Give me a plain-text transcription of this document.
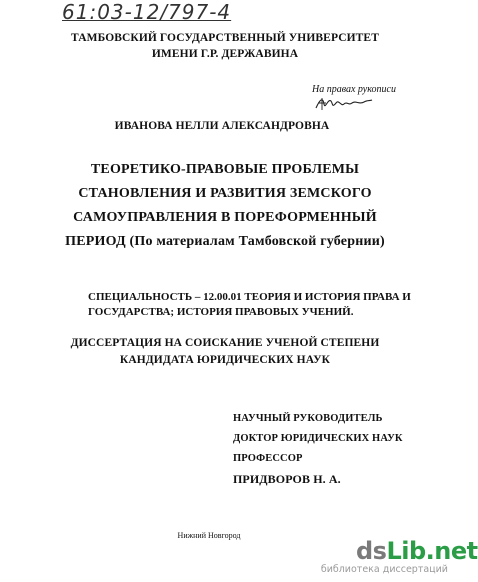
61:03-12/797-4
ТАМБОВСКИЙ ГОСУДАРСТВЕННЫЙ УНИВЕРСИТЕТ
ИМЕНИ Г.Р. ДЕРЖАВИНА
На правах рукописи
ИВАНОВА НЕЛЛИ АЛЕКСАНДРОВНА
ТЕОРЕТИКО-ПРАВОВЫЕ ПРОБЛЕМЫ
СТАНОВЛЕНИЯ И РАЗВИТИЯ ЗЕМСКОГО
САМОУПРАВЛЕНИЯ В ПОРЕФОРМЕННЫЙ
ПЕРИОД (По материалам Тамбовской губернии)
СПЕЦИАЛЬНОСТЬ – 12.00.01 ТЕОРИЯ И ИСТОРИЯ ПРАВА И
ГОСУДАРСТВА; ИСТОРИЯ ПРАВОВЫХ УЧЕНИЙ.
ДИССЕРТАЦИЯ НА СОИСКАНИЕ УЧЕНОЙ СТЕПЕНИ
КАНДИДАТА ЮРИДИЧЕСКИХ НАУК
НАУЧНЫЙ РУКОВОДИТЕЛЬ
ДОКТОР ЮРИДИЧЕСКИХ НАУК
ПРОФЕССОР
ПРИДВОРОВ Н. А.
Нижний Новгород
dsLib.net
библиотека диссертаций
